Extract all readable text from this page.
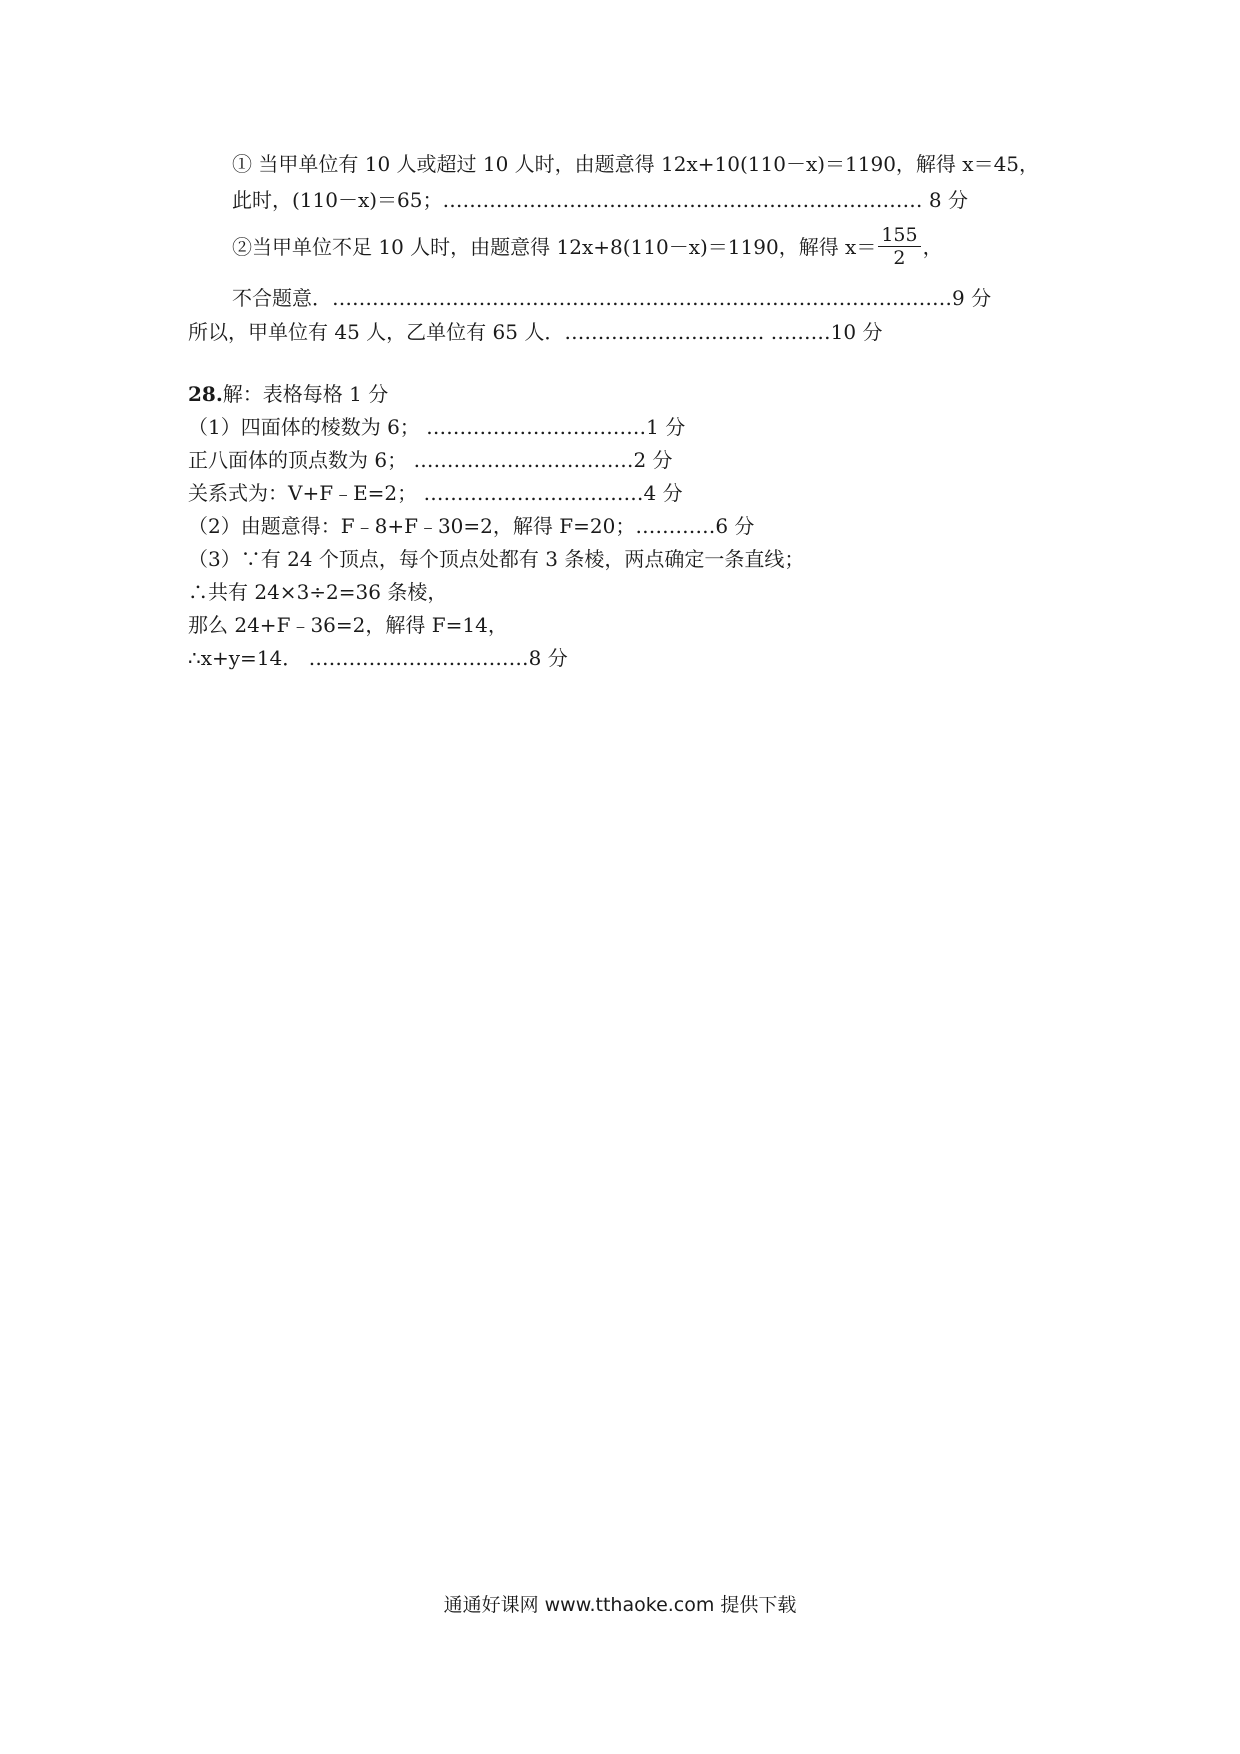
① 当甲单位有 10 人或超过 10 人时，由题意得 12x+10(110－x)＝1190，解得 x＝45，
此时，(110－x)＝65；……………………………………………………………… 8 分
②当甲单位不足 10 人时，由题意得 12x+8(110－x)＝1190，解得 $x= \frac{155}{2}$ ，
不合题意．…………………………………………………………………………………9 分
所以，甲单位有 45 人，乙单位有 65 人．………………………… ………10 分
28.解：表格每格 1 分
（1）四面体的棱数为 6； ……………………………1 分
正八面体的顶点数为 6； ……………………………2 分
关系式为：V+F﹣E=2； ……………………………4 分
（2）由题意得：F﹣8+F﹣30=2，解得 F=20；…………6 分
（3）∵有 24 个顶点，每个顶点处都有 3 条棱，两点确定一条直线；
∴共有 24×3÷2=36 条棱，
那么 24+F﹣36=2，解得 F=14，
∴x+y=14． ……………………………8 分
通通好课网 www.tthaoke.com 提供下载
